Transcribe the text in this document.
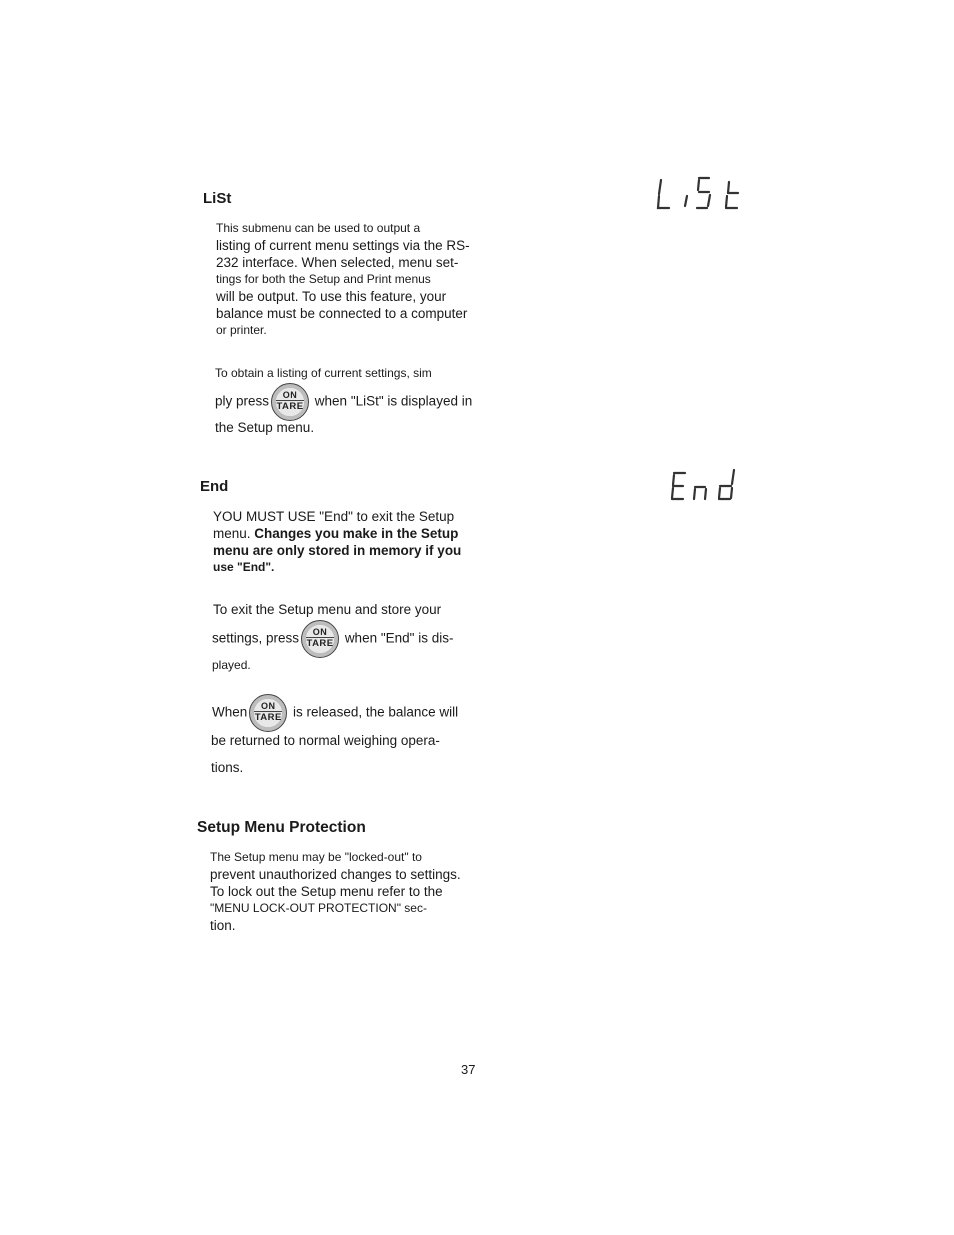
LiSt
This submenu can be used to output a
listing of current menu settings via the RS-
232 interface. When selected, menu set-
tings for both the Setup and Print menus
will be output. To use this feature, your
balance must be connected to a computer
or printer.
To obtain a listing of current settings, sim
ply press	ON
TARE when "LiSt" is displayed in
the Setup menu.
End
YOU MUST USE "End" to exit the Setup
menu. Changes you make in the Setup
menu are only stored in memory if you
use "End".
To exit the Setup menu and store your
settings, press	ON
TARE when "End" is dis-
played.
When	ON
TARE is released, the balance will
be returned to normal weighing opera-
tions.
Setup Menu Protection
The Setup menu may be "locked-out" to
prevent unauthorized changes to settings.
To lock out the Setup menu refer to the
"MENU LOCK-OUT PROTECTION" sec-
tion.
37
